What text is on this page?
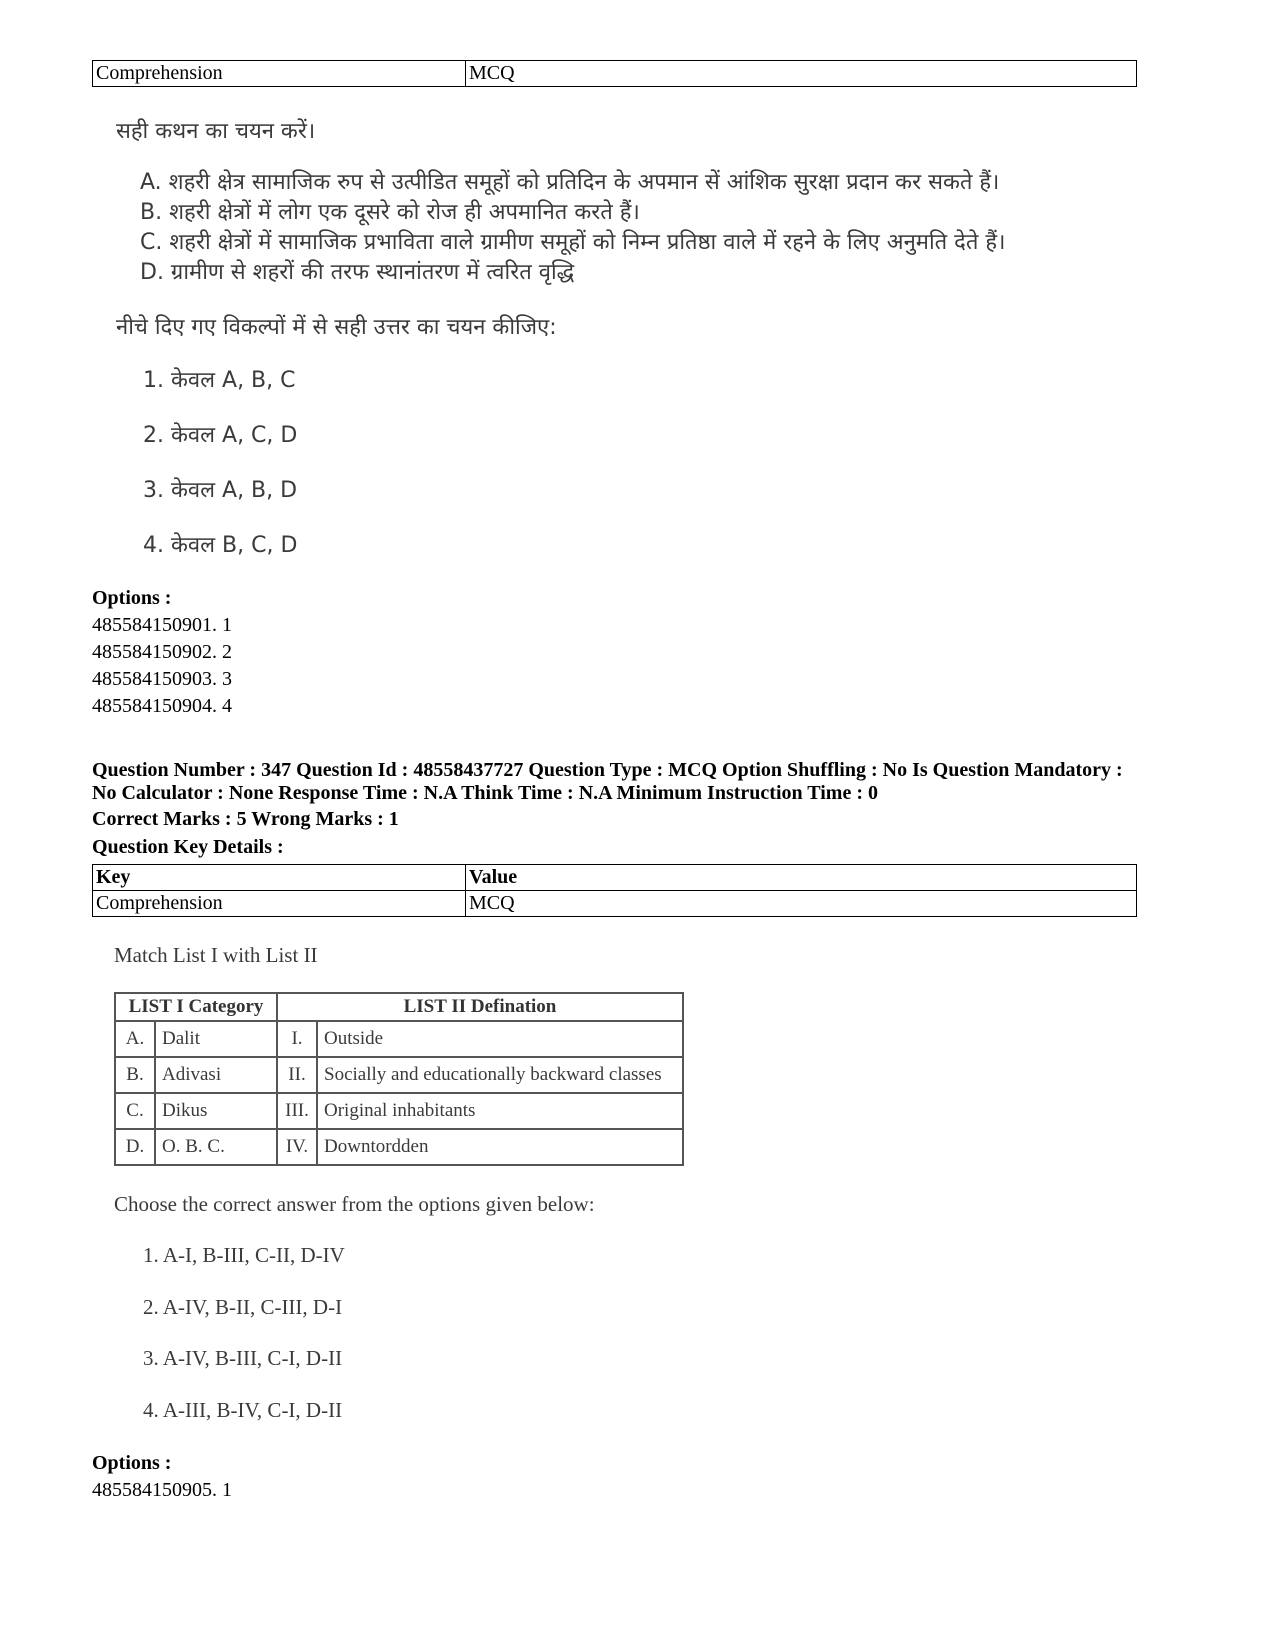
Comprehension	MCQ
सही कथन का चयन करें।
A. शहरी क्षेत्र सामाजिक रुप से उत्पीडित समूहों को प्रतिदिन के अपमान सें आंशिक सुरक्षा प्रदान कर सकते हैं।
B. शहरी क्षेत्रों में लोग एक दूसरे को रोज ही अपमानित करते हैं।
C. शहरी क्षेत्रों में सामाजिक प्रभाविता वाले ग्रामीण समूहों को निम्न प्रतिष्ठा वाले में रहने के लिए अनुमति देते हैं।
D. ग्रामीण से शहरों की तरफ स्थानांतरण में त्वरित वृद्धि
नीचे दिए गए विकल्पों में से सही उत्तर का चयन कीजिए:
1. केवल A, B, C
2. केवल A, C, D
3. केवल A, B, D
4. केवल B, C, D
Options :
485584150901. 1
485584150902. 2
485584150903. 3
485584150904. 4
Question Number : 347 Question Id : 48558437727 Question Type : MCQ Option Shuffling : No Is Question Mandatory :
No Calculator : None Response Time : N.A Think Time : N.A Minimum Instruction Time : 0
Correct Marks : 5 Wrong Marks : 1
Question Key Details :
Key	Value
Comprehension	MCQ
Match List I with List II
LIST I Category		LIST II Defination	
A.	Dalit	I.	Outside
B.	Adivasi	II.	Socially and educationally backward classes
C.	Dikus	III.	Original inhabitants
D.	O. B. C.	IV.	Downtordden
Choose the correct answer from the options given below:
1. A-I, B-III, C-II, D-IV
2. A-IV, B-II, C-III, D-I
3. A-IV, B-III, C-I, D-II
4. A-III, B-IV, C-I, D-II
Options :
485584150905. 1
